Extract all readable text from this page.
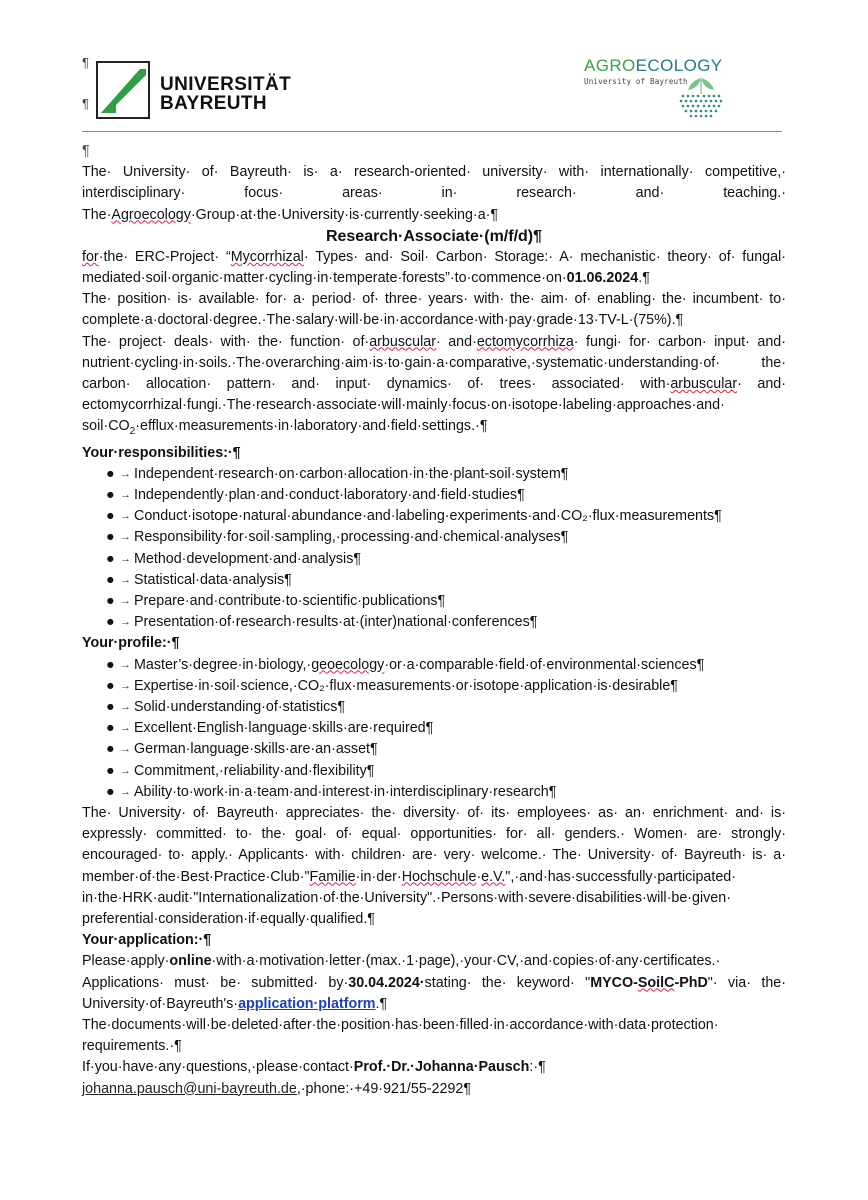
¶
¶
UNIVERSITÄT
BAYREUTH
AGROECOLOGY
University of Bayreuth

¶

The· University· of· Bayreuth· is· a· research-oriented· university· with· internationally· competitive,· interdisciplinary· focus· areas· in· research· and· teaching.· The·Agroecology·Group·at·the·University·is·currently·seeking·a·¶

Research·Associate·(m/f/d)¶

for·the· ERC-Project· “Mycorrhizal· Types· and· Soil· Carbon· Storage:· A· mechanistic· theory· of· fungal· mediated·soil·organic·matter·cycling·in·temperate·forests”·to·commence·on·01.06.2024.¶

The· position· is· available· for· a· period· of· three· years· with· the· aim· of· enabling· the· incumbent· to· complete·a·doctoral·degree.·The·salary·will·be·in·accordance·with·pay·grade·13·TV-L·(75%).¶

The· project· deals· with· the· function· of·arbuscular· and·ectomycorrhiza· fungi· for· carbon· input· and· nutrient·cycling·in·soils.·The·overarching·aim·is·to·gain·a·comparative,·systematic·understanding·of· the· carbon· allocation· pattern· and· input· dynamics· of· trees· associated· with·arbuscular· and· ectomycorrhizal·fungi.·The·research·associate·will·mainly·focus·on·isotope·labeling·approaches·and· $soil\cdot CO_2\cdot efflux\cdot measurements\cdot in\cdot laboratory\cdot and\cdot field\cdot settings.\cdot\P$

Your·responsibilities:·¶

● → Independent·research·on·carbon·allocation·in·the·plant-soil·system¶
● → Independently·plan·and·conduct·laboratory·and·field·studies¶
● → Conduct·isotope·natural·abundance·and·labeling·experiments·and·CO₂·flux·measurements¶
● → Responsibility·for·soil·sampling,·processing·and·chemical·analyses¶
● → Method·development·and·analysis¶
● → Statistical·data·analysis¶
● → Prepare·and·contribute·to·scientific·publications¶
● → Presentation·of·research·results·at·(inter)national·conferences¶

Your·profile:·¶

● → Master’s·degree·in·biology,·geoecology·or·a·comparable·field·of·environmental·sciences¶
● → Expertise·in·soil·science,·CO₂·flux·measurements·or·isotope·application·is·desirable¶
● → Solid·understanding·of·statistics¶
● → Excellent·English·language·skills·are·required¶
● → German·language·skills·are·an·asset¶
● → Commitment,·reliability·and·flexibility¶
● → Ability·to·work·in·a·team·and·interest·in·interdisciplinary·research¶

The· University· of· Bayreuth· appreciates· the· diversity· of· its· employees· as· an· enrichment· and· is· expressly· committed· to· the· goal· of· equal· opportunities· for· all· genders.· Women· are· strongly· encouraged· to· apply.· Applicants· with· children· are· very· welcome.· The· University· of· Bayreuth· is· a· member·of·the·Best·Practice·Club·"Familie·in·der·Hochschule·e.V.",·and·has·successfully·participated· in·the·HRK·audit·"Internationalization·of·the·University".·Persons·with·severe·disabilities·will·be·given· preferential·consideration·if·equally·qualified.¶

Your·application:·¶

Please·apply·online·with·a·motivation·letter·(max.·1·page),·your·CV,·and·copies·of·any·certificates.· Applications· must· be· submitted· by·30.04.2024·stating· the· keyword· "MYCO-SoilC-PhD"· via· the· University·of·Bayreuth's·application·platform.¶

The·documents·will·be·deleted·after·the·position·has·been·filled·in·accordance·with·data·protection· requirements.·¶

If·you·have·any·questions,·please·contact·Prof.·Dr.·Johanna·Pausch:·¶

johanna.pausch@uni-bayreuth.de,·phone:·+49·921/55-2292¶
